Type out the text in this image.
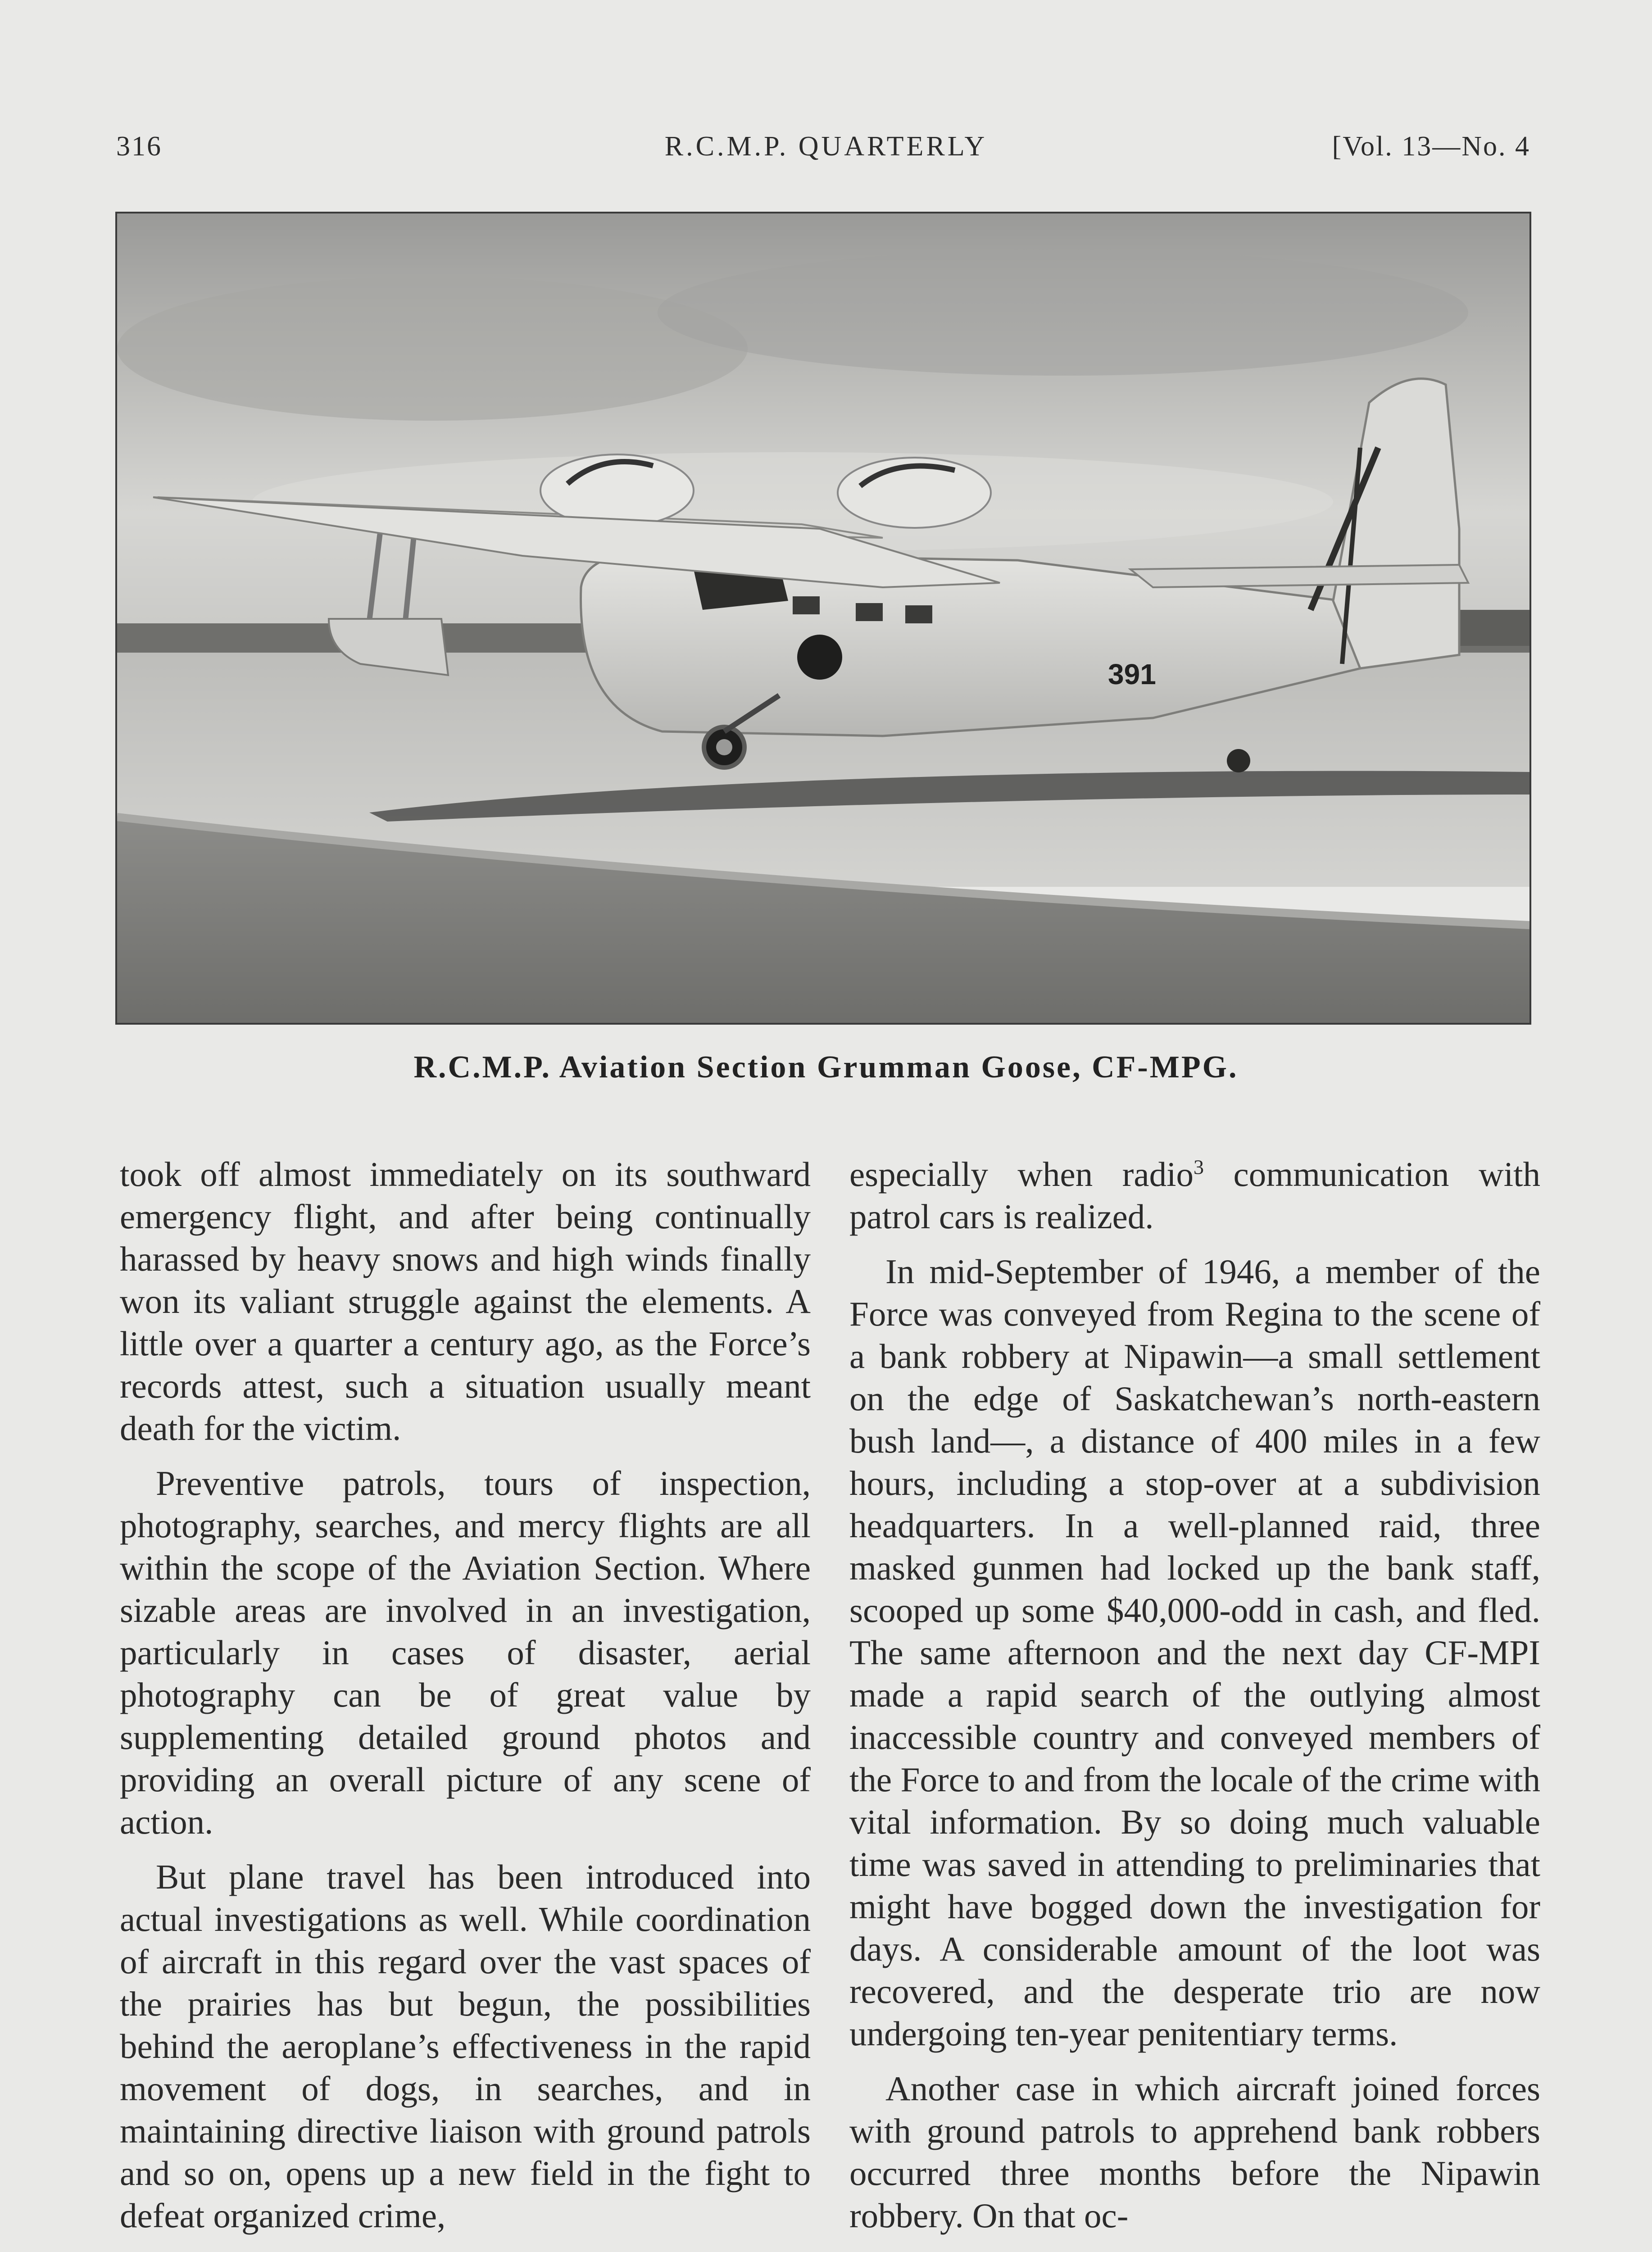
316	R.C.M.P. QUARTERLY	[Vol. 13—No. 4
391
R.C.M.P. Aviation Section Grumman Goose, CF-MPG.

took off almost immediately on its southward emergency flight, and after being continually harassed by heavy snows and high winds finally won its valiant struggle against the elements. A little over a quarter a century ago, as the Force’s records attest, such a situation usually meant death for the victim.

Preventive patrols, tours of inspection, photography, searches, and mercy flights are all within the scope of the Aviation Section. Where sizable areas are involved in an investigation, particularly in cases of disaster, aerial photography can be of great value by supplementing detailed ground photos and providing an overall picture of any scene of action.

But plane travel has been introduced into actual investigations as well. While coordination of aircraft in this regard over the vast spaces of the prairies has but begun, the possibilities behind the aeroplane’s effectiveness in the rapid movement of dogs, in searches, and in maintaining directive liaison with ground patrols and so on, opens up a new field in the fight to defeat organized crime,

especially when radio$^3$ communication with patrol cars is realized.

In mid-September of 1946, a member of the Force was conveyed from Regina to the scene of a bank robbery at Nipawin—a small settlement on the edge of Saskatchewan’s north-eastern bush land—, a distance of 400 miles in a few hours, including a stop-over at a subdivision headquarters. In a well-planned raid, three masked gunmen had locked up the bank staff, scooped up some $40,000-odd in cash, and fled. The same afternoon and the next day CF-MPI made a rapid search of the outlying almost inaccessible country and conveyed members of the Force to and from the locale of the crime with vital information. By so doing much valuable time was saved in attending to preliminaries that might have bogged down the investigation for days. A considerable amount of the loot was recovered, and the desperate trio are now undergoing ten-year penitentiary terms.

Another case in which aircraft joined forces with ground patrols to apprehend bank robbers occurred three months before the Nipawin robbery. On that oc-
